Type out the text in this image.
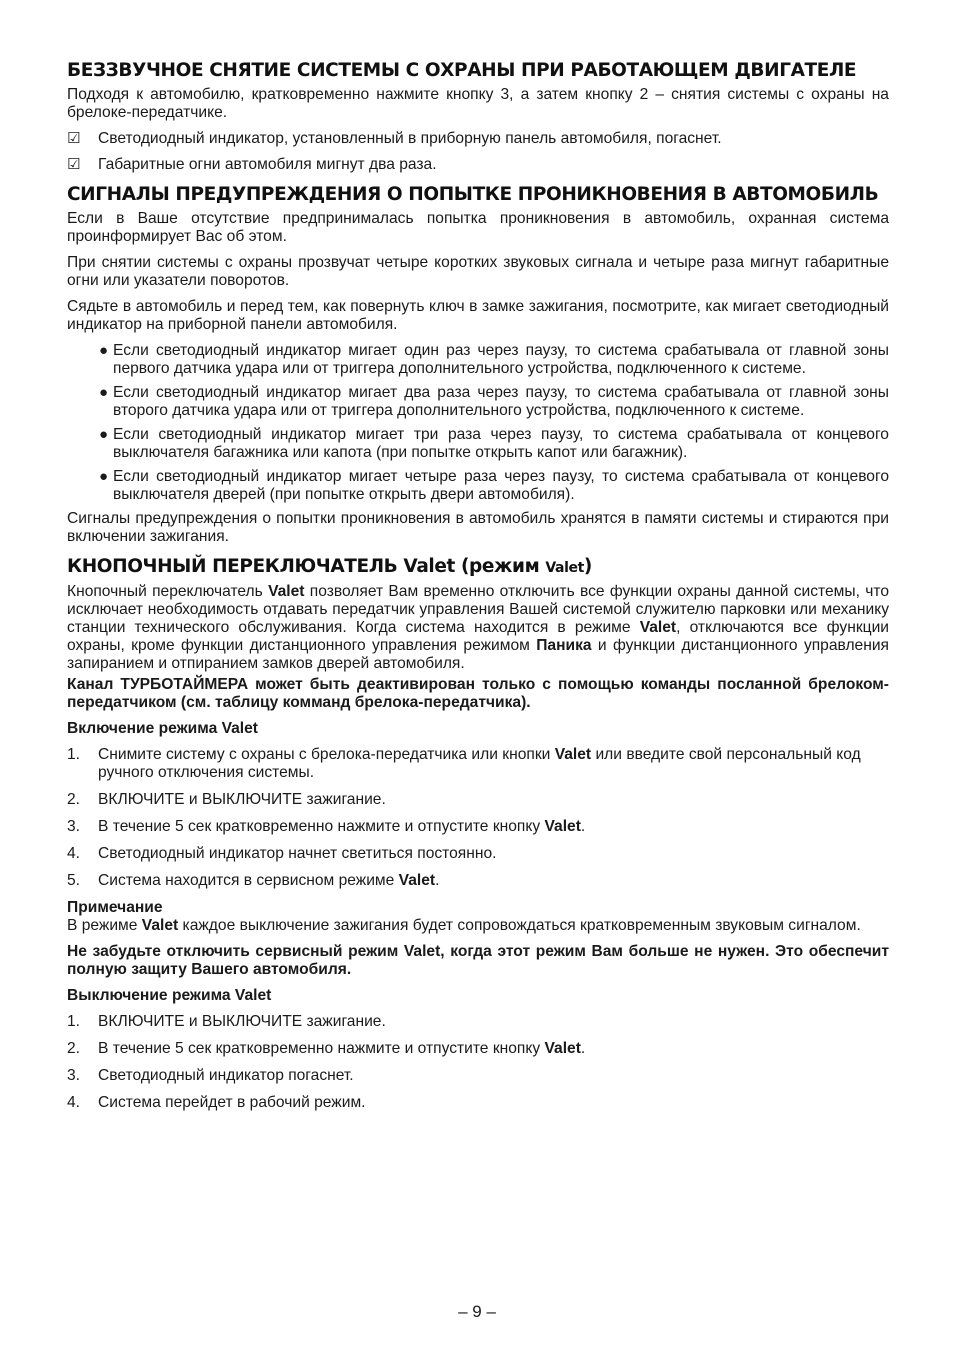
БЕЗЗВУЧНОЕ СНЯТИЕ СИСТЕМЫ С ОХРАНЫ ПРИ РАБОТАЮЩЕМ ДВИГАТЕЛЕ

Подходя к автомобилю, кратковременно нажмите кнопку 3, а затем кнопку 2 – снятия системы с охраны на брелоке-передатчике.

☑	Светодиодный индикатор, установленный в приборную панель автомобиля, погаснет.
☑	Габаритные огни автомобиля мигнут два раза.
СИГНАЛЫ ПРЕДУПРЕЖДЕНИЯ О ПОПЫТКЕ ПРОНИКНОВЕНИЯ В АВТОМОБИЛЬ

Если в Ваше отсутствие предпринималась попытка проникновения в автомобиль, охранная система проинформирует Вас об этом.

При снятии системы с охраны прозвучат четыре коротких звуковых сигнала и четыре раза мигнут габаритные огни или указатели поворотов.

Сядьте в автомобиль и перед тем, как повернуть ключ в замке зажигания, посмотрите, как мигает светодиодный индикатор на приборной панели автомобиля.

● Если светодиодный индикатор мигает один раз через паузу, то система срабатывала от главной зоны первого датчика удара или от триггера дополнительного устройства, подключенного к системе.
● Если светодиодный индикатор мигает два раза через паузу, то система срабатывала от главной зоны второго датчика удара или от триггера дополнительного устройства, подключенного к системе.
● Если светодиодный индикатор мигает три раза через паузу, то система срабатывала от концевого выключателя багажника или капота (при попытке открыть капот или багажник).
● Если светодиодный индикатор мигает четыре раза через паузу, то система срабатывала от концевого выключателя дверей (при попытке открыть двери автомобиля).

Сигналы предупреждения о попытки проникновения в автомобиль хранятся в памяти системы и стираются при включении зажигания.

КНОПОЧНЫЙ ПЕРЕКЛЮЧАТЕЛЬ Valet (режим Valet)

Кнопочный переключатель Valet позволяет Вам временно отключить все функции охраны данной системы, что исключает необходимость отдавать передатчик управления Вашей системой служителю парковки или механику станции технического обслуживания. Когда система находится в режиме Valet, отключаются все функции охраны, кроме функции дистанционного управления режимом Паника и функции дистанционного управления запиранием и отпиранием замков дверей автомобиля.

Канал ТУРБОТАЙМЕРА может быть деактивирован только с помощью команды посланной брелоком- передатчиком (см. таблицу комманд брелока-передатчика).

Включение режима Valet

1.	Снимите систему с охраны с брелока-передатчика или кнопки Valet или введите свой персональный код ручного отключения системы.
2.	ВКЛЮЧИТЕ и ВЫКЛЮЧИТЕ зажигание.
3.	В течение 5 сек кратковременно нажмите и отпустите кнопку Valet.
4.	Светодиодный индикатор начнет светиться постоянно.
5.	Система находится в сервисном режиме Valet.

Примечание

В режиме Valet каждое выключение зажигания будет сопровождаться кратковременным звуковым сигналом.

Не забудьте отключить сервисный режим Valet, когда этот режим Вам больше не нужен. Это обеспечит полную защиту Вашего автомобиля.

Выключение режима Valet

1.	ВКЛЮЧИТЕ и ВЫКЛЮЧИТЕ зажигание.
2.	В течение 5 сек кратковременно нажмите и отпустите кнопку Valet.
3.	Светодиодный индикатор погаснет.
4.	Система перейдет в рабочий режим.
– 9 –
